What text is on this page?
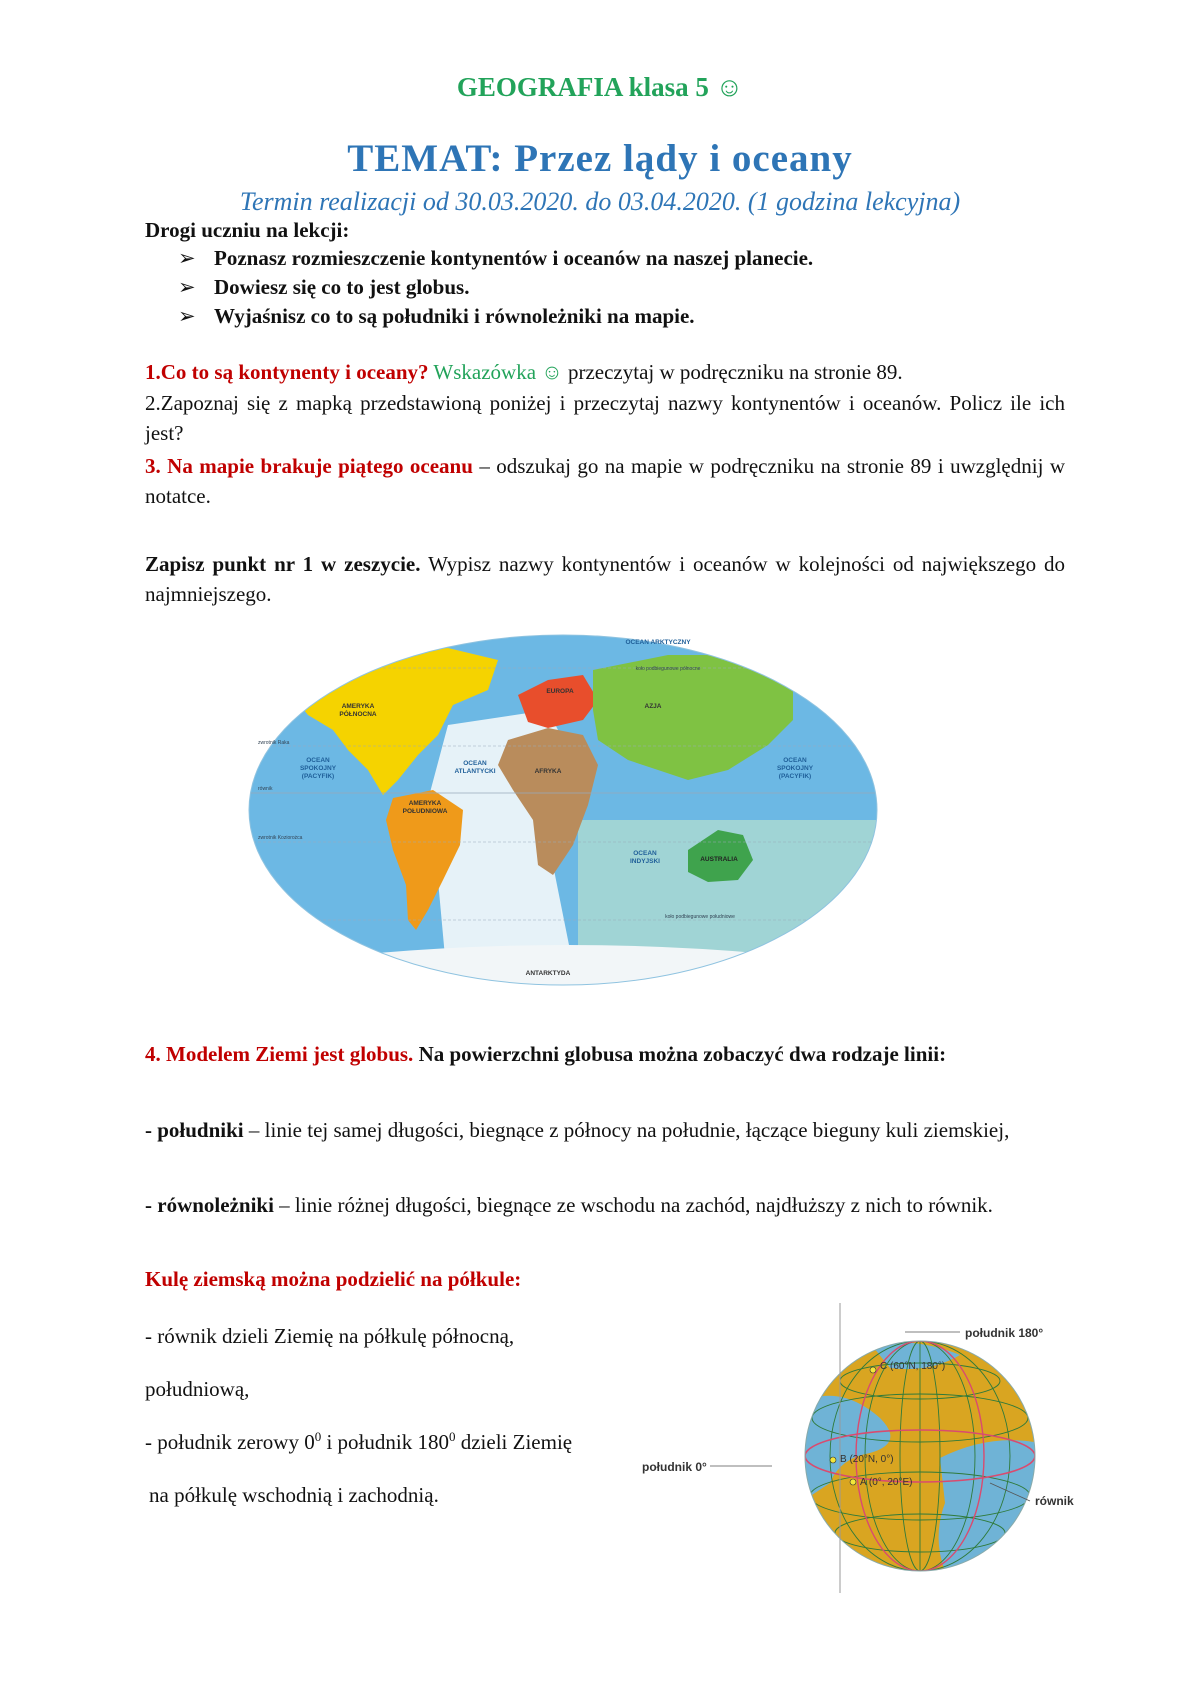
GEOGRAFIA klasa 5 ☺
TEMAT: Przez lądy i oceany
Termin realizacji od 30.03.2020. do 03.04.2020. (1 godzina lekcyjna)
Drogi uczniu na lekcji:
➢ Poznasz rozmieszczenie kontynentów i oceanów na naszej planecie.
➢ Dowiesz się co to jest globus.
➢ Wyjaśnisz co to są południki i równoleżniki na mapie.
1.Co to są kontynenty i oceany? Wskazówka ☺ przeczytaj w podręczniku na stronie 89.
2.Zapoznaj się z mapką przedstawioną poniżej i przeczytaj nazwy kontynentów i oceanów. Policz ile ich jest?
3. Na mapie brakuje piątego oceanu – odszukaj go na mapie w podręczniku na stronie 89 i uwzględnij w notatce.
Zapisz punkt nr 1 w zeszycie. Wypisz nazwy kontynentów i oceanów w kolejności od największego do najmniejszego.
OCEAN ARKTYCZNY
koło podbiegunowe północne
AMERYKA
PÓŁNOCNA
EUROPA
AZJA
zwrotnik Raka
OCEAN
SPOKOJNY
(PACYFIK)
OCEAN
SPOKOJNY
(PACYFIK)
OCEAN
ATLANTYCKI	AFRYKA
równik
AMERYKA
POŁUDNIOWA
zwrotnik Koziorożca
OCEAN
INDYJSKI	AUSTRALIA
koło podbiegunowe południowe
ANTARKTYDA
4. Modelem Ziemi jest globus. Na powierzchni globusa można zobaczyć dwa rodzaje linii:
- południki – linie tej samej długości, biegnące z północy na południe, łączące bieguny kuli ziemskiej,
- równoleżniki – linie różnej długości, biegnące ze wschodu na zachód, najdłuższy z nich to równik.
Kulę ziemską można podzielić na półkule:
- równik dzieli Ziemię na półkulę północną,
południową,
- południk zerowy $0^0$ i południk $180^0$ dzieli Ziemię
na półkulę wschodnią i zachodnią.
południk 180°
C (60°N, 180°)
B (20°N, 0°)
południk 0°
A (0°, 20°E)
równik
